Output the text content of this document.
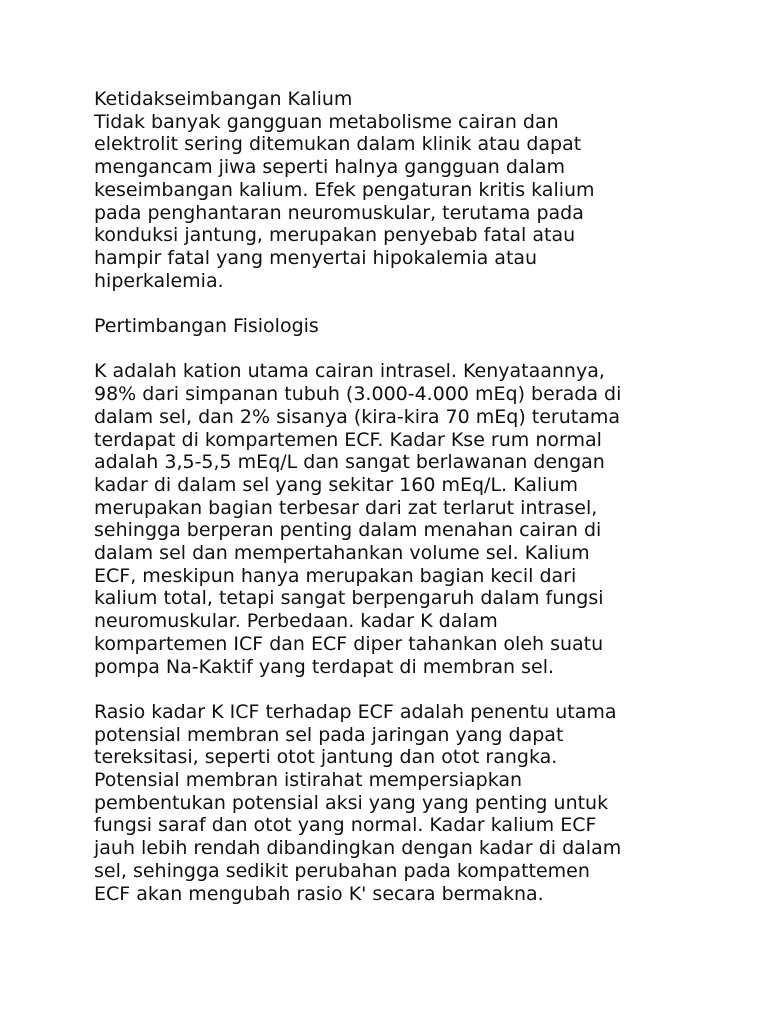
Ketidakseimbangan Kalium
Tidak banyak gangguan metabolisme cairan dan
elektrolit sering ditemukan dalam klinik atau dapat
mengancam jiwa seperti halnya gangguan dalam
keseimbangan kalium. Efek pengaturan kritis kalium
pada penghantaran neuromuskular, terutama pada
konduksi jantung, merupakan penyebab fatal atau
hampir fatal yang menyertai hipokalemia atau
hiperkalemia.
Pertimbangan Fisiologis
K adalah kation utama cairan intrasel. Kenyataannya,
98% dari simpanan tubuh (3.000-4.000 mEq) berada di
dalam sel, dan 2% sisanya (kira-kira 70 mEq) terutama
terdapat di kompartemen ECF. Kadar Kse rum normal
adalah 3,5-5,5 mEq/L dan sangat berlawanan dengan
kadar di dalam sel yang sekitar 160 mEq/L. Kalium
merupakan bagian terbesar dari zat terlarut intrasel,
sehingga berperan penting dalam menahan cairan di
dalam sel dan mempertahankan volume sel. Kalium
ECF, meskipun hanya merupakan bagian kecil dari
kalium total, tetapi sangat berpengaruh dalam fungsi
neuromuskular. Perbedaan. kadar K dalam
kompartemen ICF dan ECF diper tahankan oleh suatu
pompa Na-Kaktif yang terdapat di membran sel.
Rasio kadar K ICF terhadap ECF adalah penentu utama
potensial membran sel pada jaringan yang dapat
tereksitasi, seperti otot jantung dan otot rangka.
Potensial membran istirahat mempersiapkan
pembentukan potensial aksi yang yang penting untuk
fungsi saraf dan otot yang normal. Kadar kalium ECF
jauh lebih rendah dibandingkan dengan kadar di dalam
sel, sehingga sedikit perubahan pada kompattemen
ECF akan mengubah rasio K' secara bermakna.
